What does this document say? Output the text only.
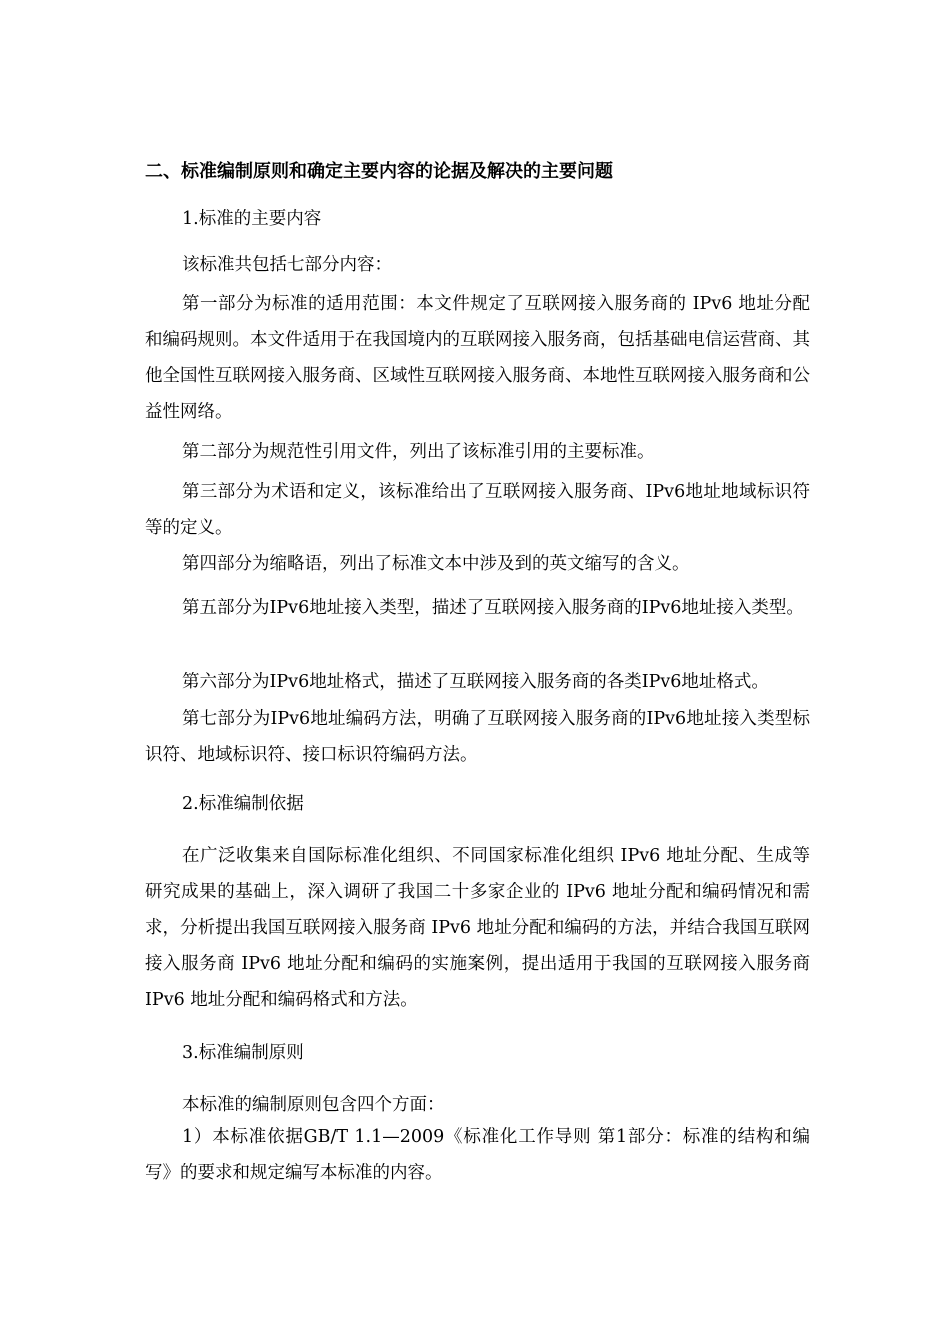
二、标准编制原则和确定主要内容的论据及解决的主要问题

1.标准的主要内容

该标准共包括七部分内容：

第一部分为标准的适用范围：本文件规定了互联网接入服务商的 IPv6 地址分配和编码规则。本文件适用于在我国境内的互联网接入服务商，包括基础电信运营商、其他全国性互联网接入服务商、区域性互联网接入服务商、本地性互联网接入服务商和公益性网络。

第二部分为规范性引用文件，列出了该标准引用的主要标准。

第三部分为术语和定义，该标准给出了互联网接入服务商、IPv6地址地域标识符等的定义。

第四部分为缩略语，列出了标准文本中涉及到的英文缩写的含义。

第五部分为IPv6地址接入类型，描述了互联网接入服务商的IPv6地址接入类型。

第六部分为IPv6地址格式，描述了互联网接入服务商的各类IPv6地址格式。

第七部分为IPv6地址编码方法，明确了互联网接入服务商的IPv6地址接入类型标识符、地域标识符、接口标识符编码方法。

2.标准编制依据

在广泛收集来自国际标准化组织、不同国家标准化组织 IPv6 地址分配、生成等研究成果的基础上，深入调研了我国二十多家企业的 IPv6 地址分配和编码情况和需求，分析提出我国互联网接入服务商 IPv6 地址分配和编码的方法，并结合我国互联网接入服务商 IPv6 地址分配和编码的实施案例，提出适用于我国的互联网接入服务商 IPv6 地址分配和编码格式和方法。

3.标准编制原则

本标准的编制原则包含四个方面：

1）本标准依据GB/T 1.1—2009《标准化工作导则 第1部分：标准的结构和编写》的要求和规定编写本标准的内容。
